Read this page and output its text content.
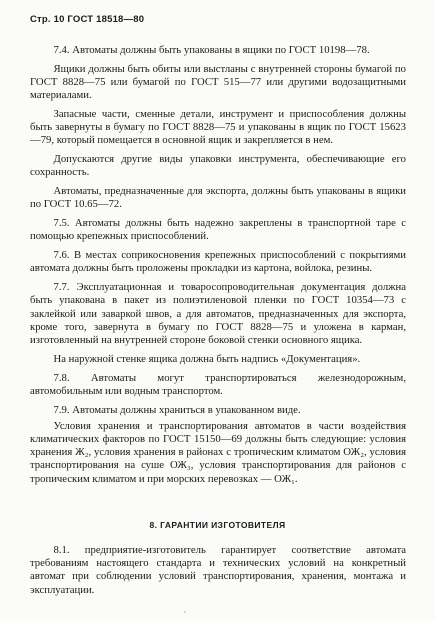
Стр. 10 ГОСТ 18518—80

7.4. Автоматы должны быть упакованы в ящики по ГОСТ 10198—78.

Ящики должны быть обиты или выстланы с внутренней стороны бумагой по ГОСТ 8828—75 или бумагой по ГОСТ 515—77 или другими водозащитными материалами.

Запасные части, сменные детали, инструмент и приспособления должны быть завернуты в бумагу по ГОСТ 8828—75 и упакованы в ящик по ГОСТ 15623—79, который помещается в основной ящик и закрепляется в нем.

Допускаются другие виды упаковки инструмента, обеспечивающие его сохранность.

Автоматы, предназначенные для экспорта, должны быть упакованы в ящики по ГОСТ 10.65—72.

7.5. Автоматы должны быть надежно закреплены в транспортной таре с помощью крепежных приспособлений.

7.6. В местах соприкосновения крепежных приспособлений с покрытиями автомата должны быть проложены прокладки из картона, войлока, резины.

7.7. Эксплуатационная и товаросопроводительная документация должна быть упакована в пакет из полиэтиленовой пленки по ГОСТ 10354—73 с заклейкой или заваркой швов, а для автоматов, предназначенных для экспорта, кроме того, завернута в бумагу по ГОСТ 8828—75 и уложена в карман, изготовленный на внутренней стороне боковой стенки основного ящика.

На наружной стенке ящика должна быть надпись «Документация».

7.8. Автоматы могут транспортироваться железнодорожным, автомобильным или водным транспортом.

7.9. Автоматы должны храниться в упакованном виде.

Условия хранения и транспортирования автоматов в части воздействия климатических факторов по ГОСТ 15150—69 должны быть следующие: условия хранения Ж₂, условия хранения в районах с тропическим климатом ОЖ₂, условия транспортирования на суше ОЖ₃, условия транспортирования для районов с тропическим климатом и при морских перевозках — ОЖ₁.

8. ГАРАНТИИ ИЗГОТОВИТЕЛЯ

8.1. предприятие-изготовитель гарантирует соответствие автомата требованиям настоящего стандарта и технических условий на конкретный автомат при соблюдении условий транспортирования, хранения, монтажа и эксплуатации.

‘
